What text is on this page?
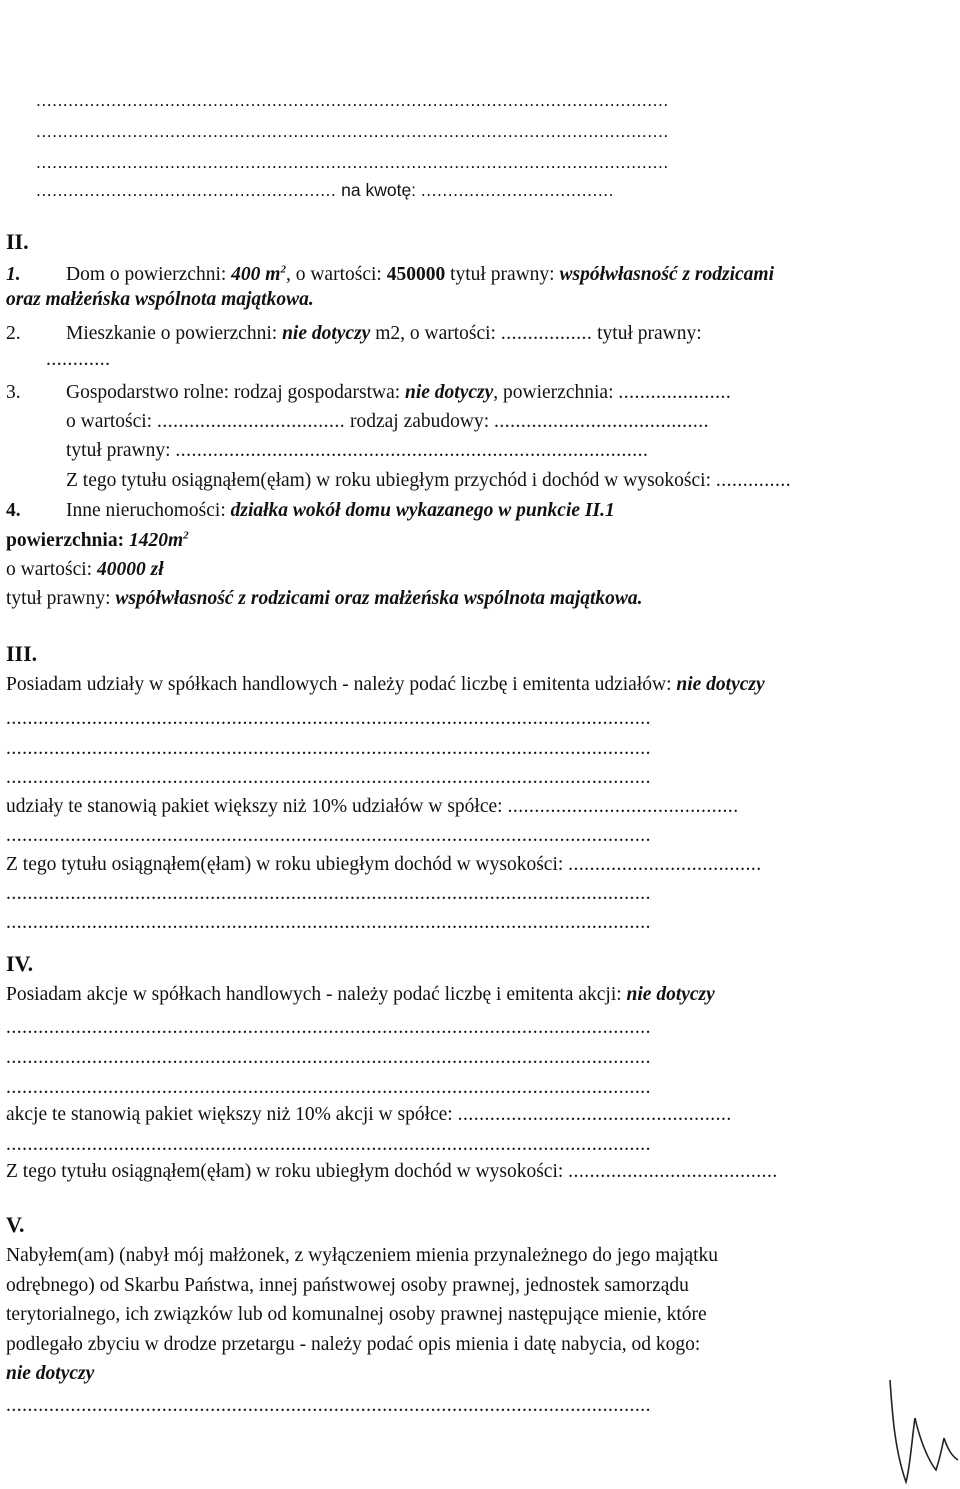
......................................................................................................................
......................................................................................................................
......................................................................................................................
........................................................ na kwotę: ....................................
II.
1. Dom o powierzchni: 400 $m^2$, o wartości: 450000 tytuł prawny: współwłasność z rodzicami
oraz małżeńska wspólnota majątkowa.
2. Mieszkanie o powierzchni: nie dotyczy m2, o wartości: ................. tytuł prawny:
............
3. Gospodarstwo rolne: rodzaj gospodarstwa: nie dotyczy, powierzchnia: .....................
o wartości: ................................... rodzaj zabudowy: ........................................
tytuł prawny: ........................................................................................
Z tego tytułu osiągnąłem(ęłam) w roku ubiegłym przychód i dochód w wysokości: ..............
4. Inne nieruchomości: działka wokół domu wykazanego w punkcie II.1
powierzchnia: $1420m^2$
o wartości: 40000 zł
tytuł prawny: współwłasność z rodzicami oraz małżeńska wspólnota majątkowa.
III.
Posiadam udziały w spółkach handlowych - należy podać liczbę i emitenta udziałów: nie dotyczy
........................................................................................................................
........................................................................................................................
........................................................................................................................
udziały te stanowią pakiet większy niż 10% udziałów w spółce: ...........................................
........................................................................................................................
Z tego tytułu osiągnąłem(ęłam) w roku ubiegłym dochód w wysokości: ....................................
........................................................................................................................
........................................................................................................................
IV.
Posiadam akcje w spółkach handlowych - należy podać liczbę i emitenta akcji: nie dotyczy
........................................................................................................................
........................................................................................................................
........................................................................................................................
akcje te stanowią pakiet większy niż 10% akcji w spółce: ...................................................
........................................................................................................................
Z tego tytułu osiągnąłem(ęłam) w roku ubiegłym dochód w wysokości: .......................................
V.
Nabyłem(am) (nabył mój małżonek, z wyłączeniem mienia przynależnego do jego majątku
odrębnego) od Skarbu Państwa, innej państwowej osoby prawnej, jednostek samorządu
terytorialnego, ich związków lub od komunalnej osoby prawnej następujące mienie, które
podlegało zbyciu w drodze przetargu - należy podać opis mienia i datę nabycia, od kogo:
nie dotyczy
........................................................................................................................
